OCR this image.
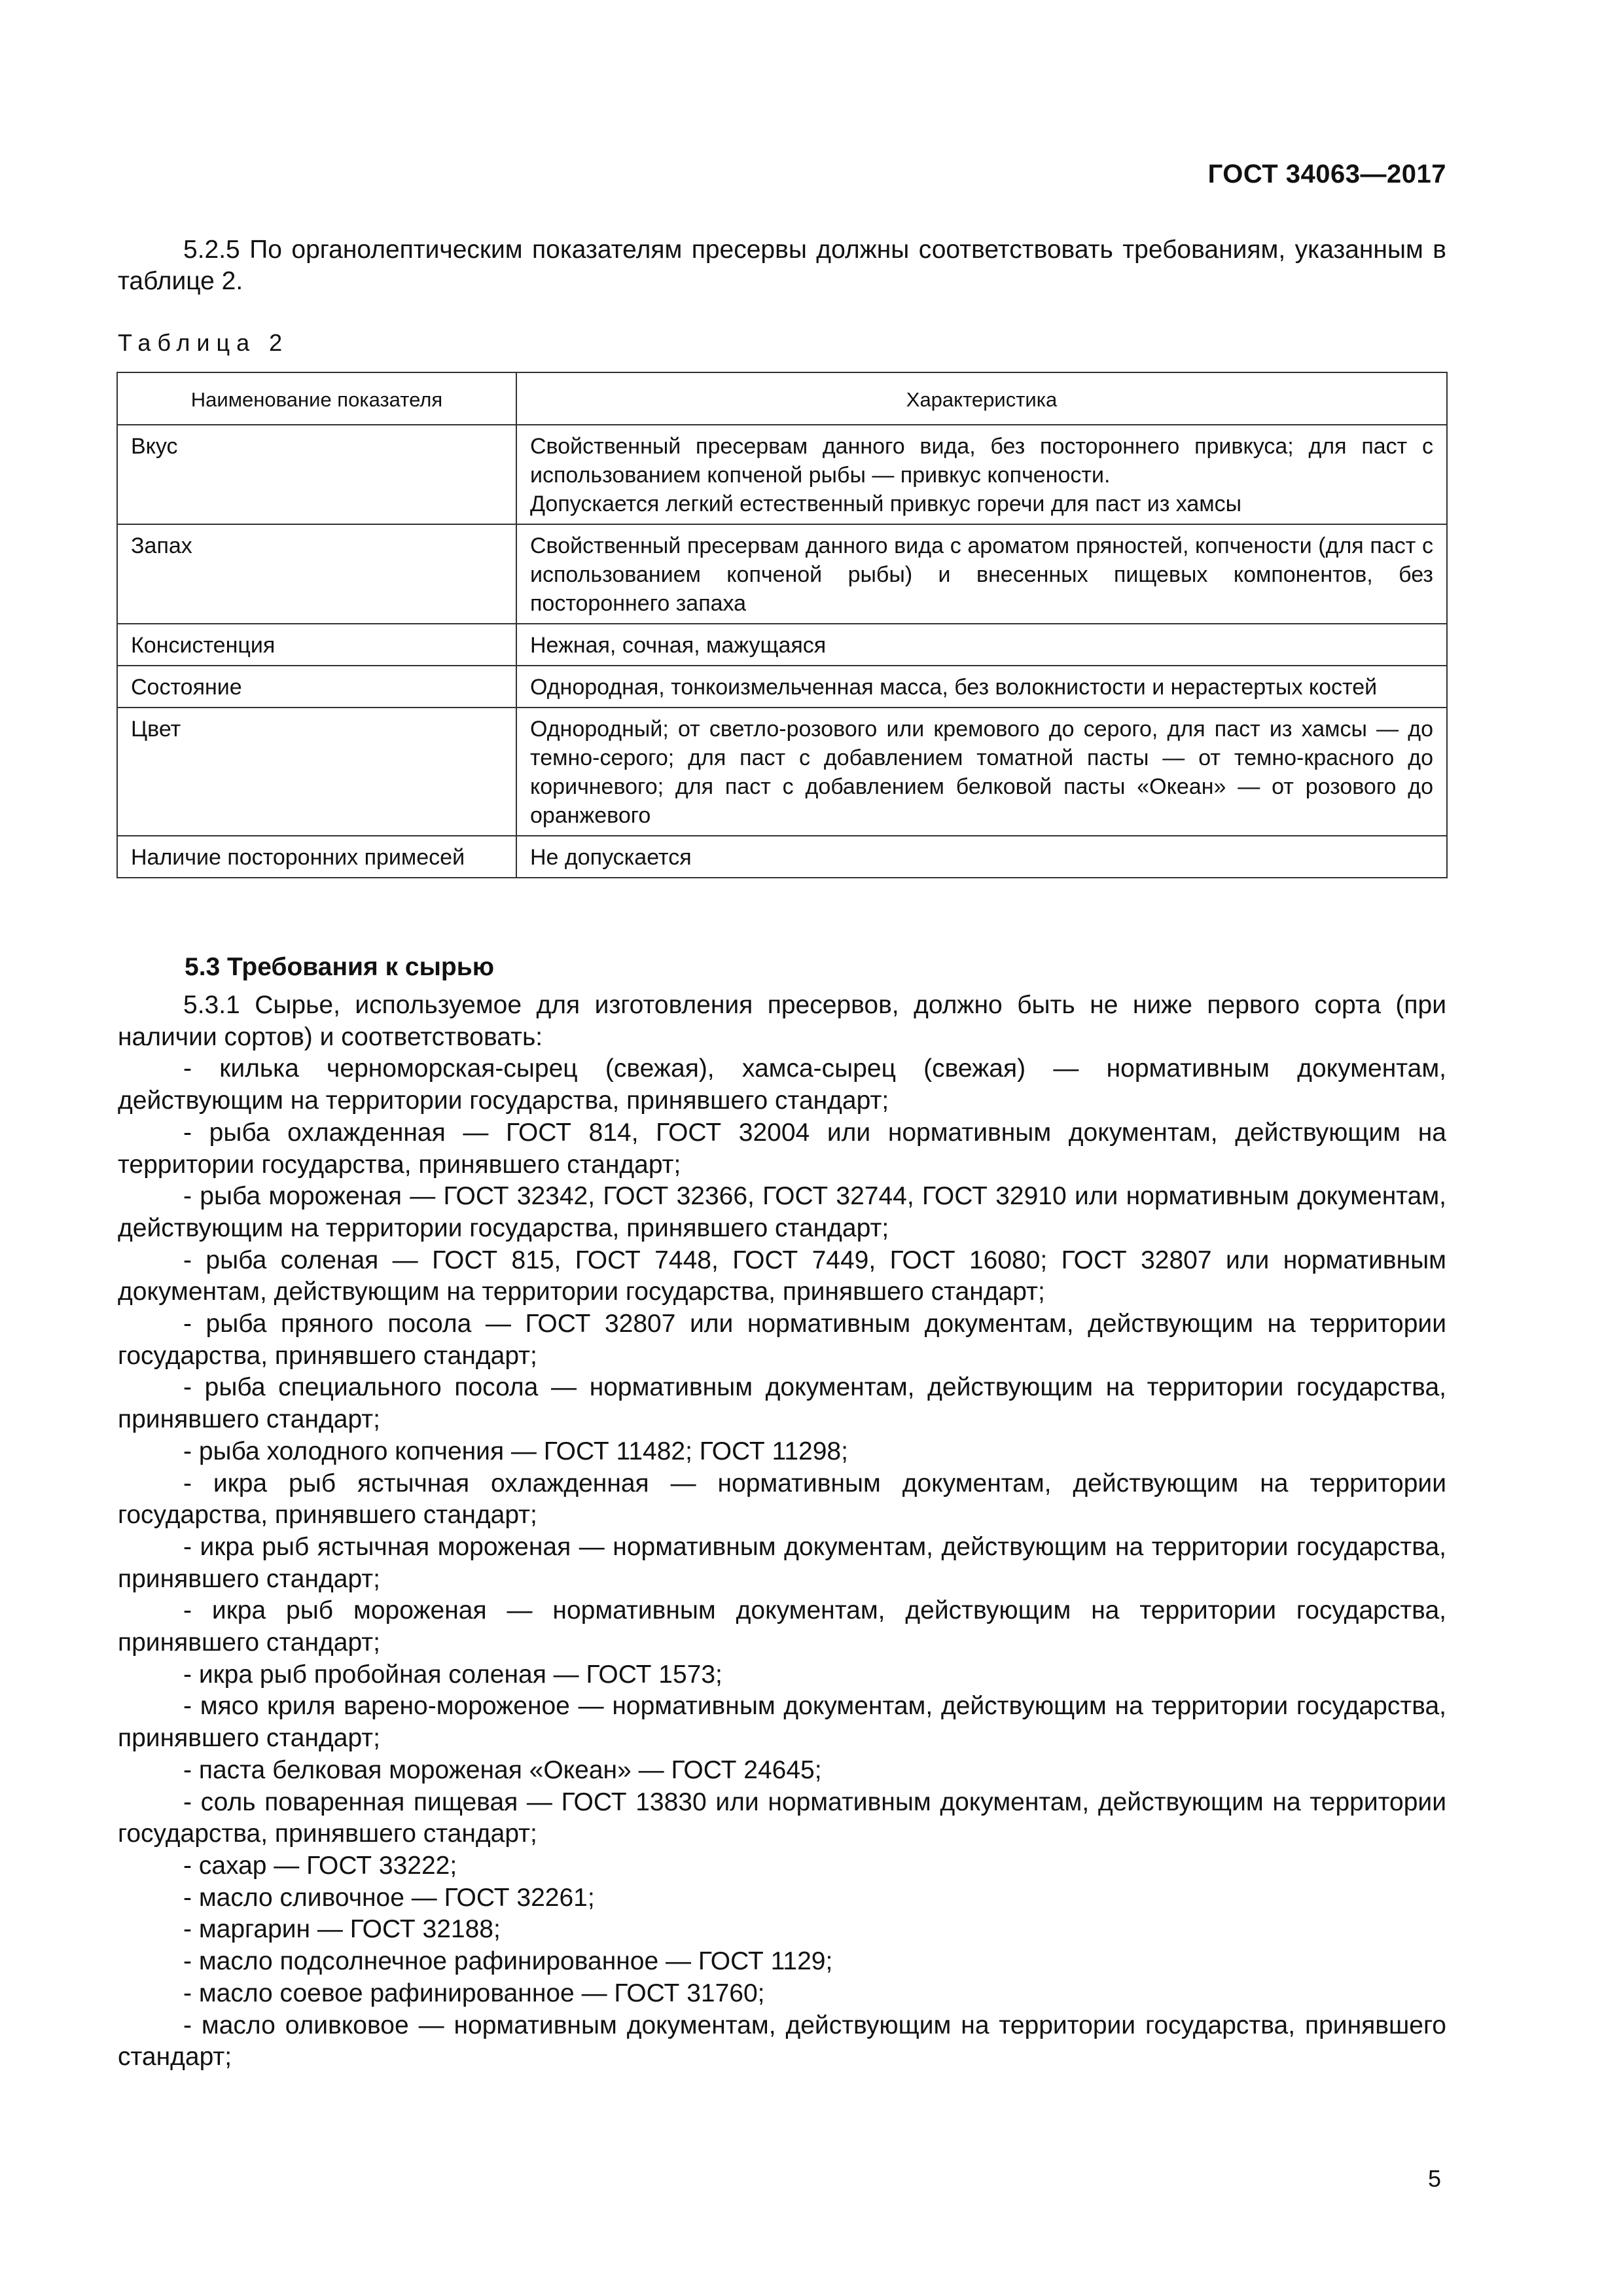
ГОСТ 34063—2017
5.2.5 По органолептическим показателям пресервы должны соответствовать требованиям, указанным в таблице 2.
Таблица 2
Наименование показателя	Характеристика
Вкус	Свойственный пресервам данного вида, без постороннего привкуса; для паст с использованием копченой рыбы — привкус копчености.

Допускается легкий естественный привкус горечи для паст из хамсы

Запах	Свойственный пресервам данного вида с ароматом пряностей, копчености (для паст с использованием копченой рыбы) и внесенных пищевых компонентов, без постороннего запаха

Консистенция	Нежная, сочная, мажущаяся

Состояние	Однородная, тонкоизмельченная масса, без волокнистости и нерастертых костей

Цвет	Однородный; от светло-розового или кремового до серого, для паст из хамсы — до темно-серого; для паст с добавлением томатной пасты — от темно-красного до коричневого; для паст с добавлением белковой пасты «Океан» — от розового до оранжевого

Наличие посторонних примесей	Не допускается

5.3 Требования к сырью

5.3.1 Сырье, используемое для изготовления пресервов, должно быть не ниже первого сорта (при наличии сортов) и соответствовать:

- килька черноморская-сырец (свежая), хамса-сырец (свежая) — нормативным документам, действующим на территории государства, принявшего стандарт;

- рыба охлажденная — ГОСТ 814, ГОСТ 32004 или нормативным документам, действующим на территории государства, принявшего стандарт;

- рыба мороженая — ГОСТ 32342, ГОСТ 32366, ГОСТ 32744, ГОСТ 32910 или нормативным документам, действующим на территории государства, принявшего стандарт;

- рыба соленая — ГОСТ 815, ГОСТ 7448, ГОСТ 7449, ГОСТ 16080; ГОСТ 32807 или нормативным документам, действующим на территории государства, принявшего стандарт;

- рыба пряного посола — ГОСТ 32807 или нормативным документам, действующим на территории государства, принявшего стандарт;

- рыба специального посола — нормативным документам, действующим на территории государства, принявшего стандарт;

- рыба холодного копчения — ГОСТ 11482; ГОСТ 11298;

- икра рыб ястычная охлажденная — нормативным документам, действующим на территории государства, принявшего стандарт;

- икра рыб ястычная мороженая — нормативным документам, действующим на территории государства, принявшего стандарт;

- икра рыб мороженая — нормативным документам, действующим на территории государства, принявшего стандарт;

- икра рыб пробойная соленая — ГОСТ 1573;

- мясо криля варено-мороженое — нормативным документам, действующим на территории государства, принявшего стандарт;

- паста белковая мороженая «Океан» — ГОСТ 24645;

- соль поваренная пищевая — ГОСТ 13830 или нормативным документам, действующим на территории государства, принявшего стандарт;

- сахар — ГОСТ 33222;

- масло сливочное — ГОСТ 32261;

- маргарин — ГОСТ 32188;

- масло подсолнечное рафинированное — ГОСТ 1129;

- масло соевое рафинированное — ГОСТ 31760;

- масло оливковое — нормативным документам, действующим на территории государства, принявшего стандарт;

5
